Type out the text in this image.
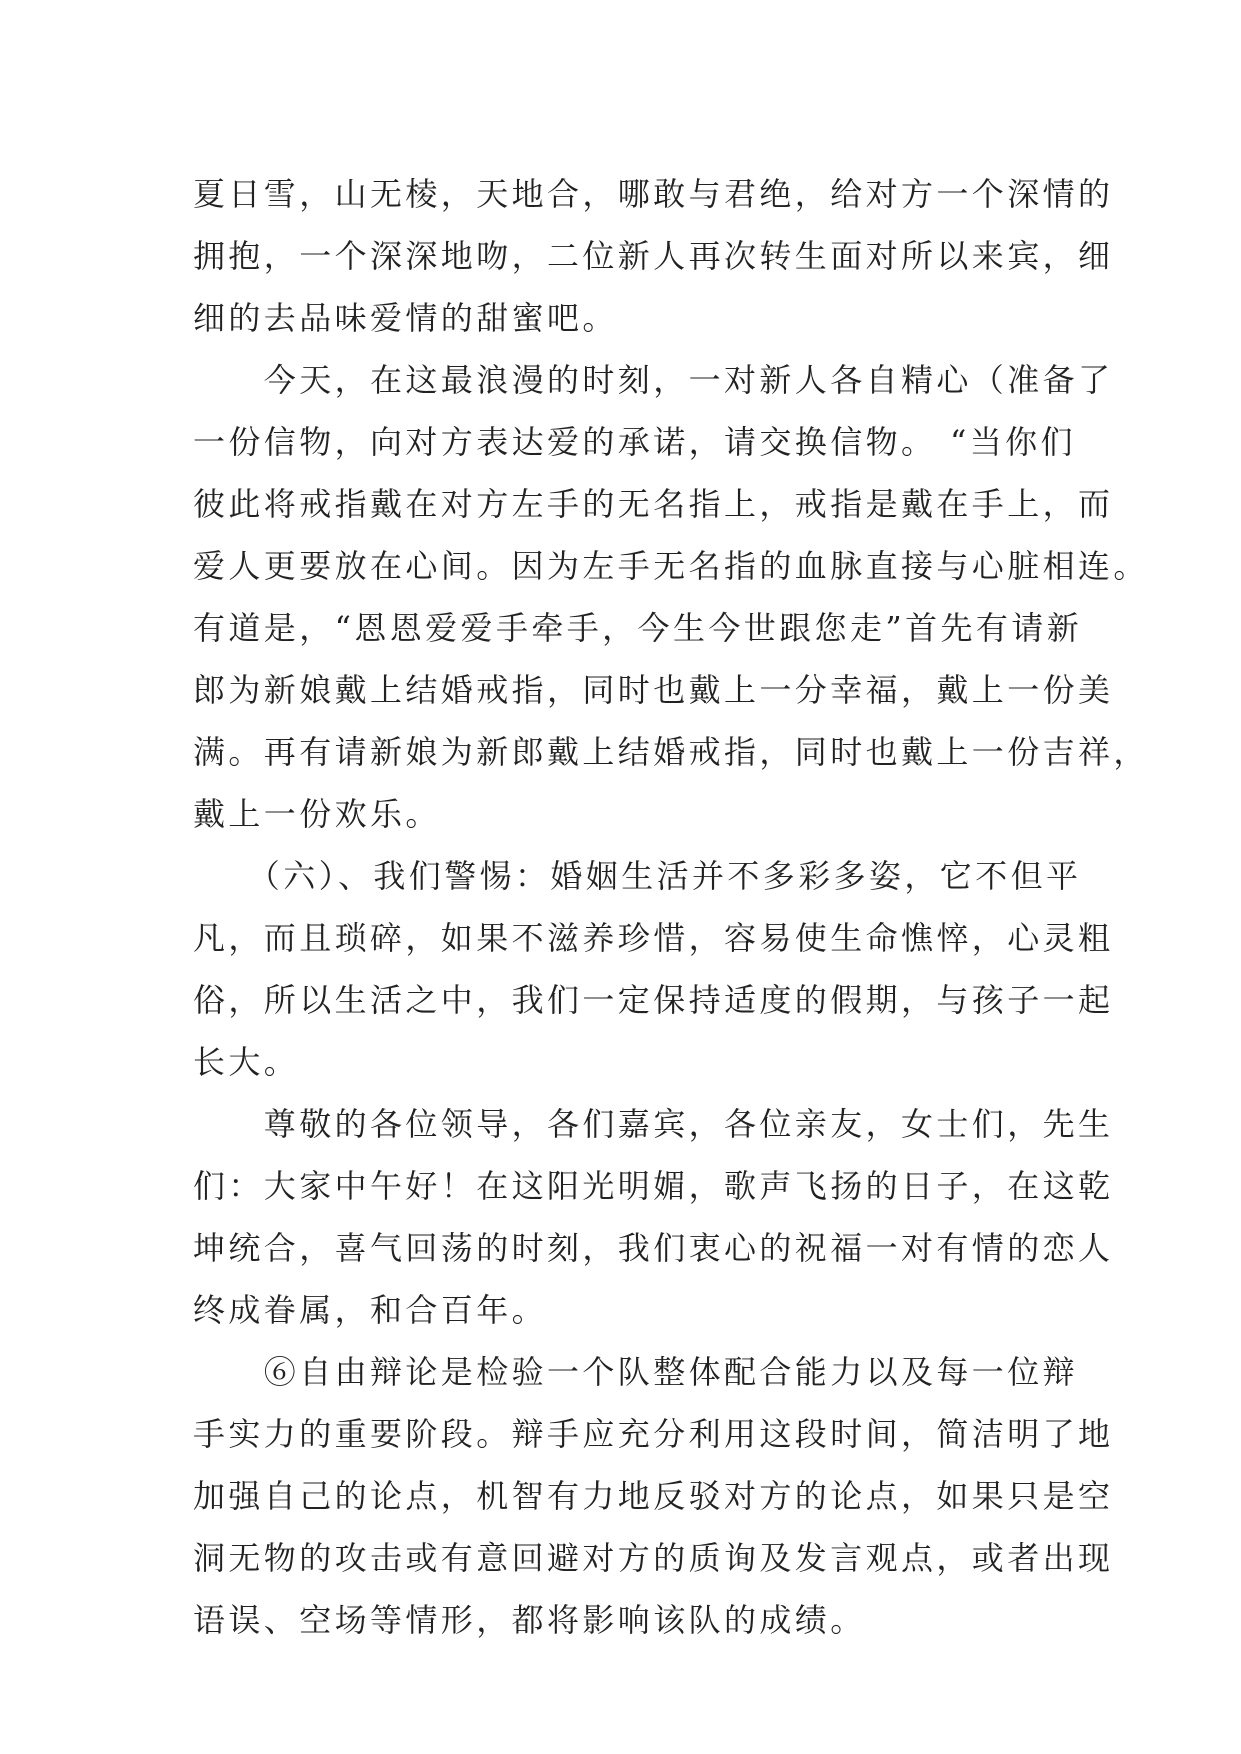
夏日雪，山无棱，天地合，哪敢与君绝，给对方一个深情的
拥抱，一个深深地吻，二位新人再次转生面对所以来宾，细
细的去品味爱情的甜蜜吧。
　　今天，在这最浪漫的时刻，一对新人各自精心（准备了
一份信物，向对方表达爱的承诺，请交换信物。 “当你们
彼此将戒指戴在对方左手的无名指上，戒指是戴在手上，而
爱人更要放在心间。因为左手无名指的血脉直接与心脏相连。
有道是，“恩恩爱爱手牵手，今生今世跟您走”首先有请新
郎为新娘戴上结婚戒指，同时也戴上一分幸福，戴上一份美
满。再有请新娘为新郎戴上结婚戒指，同时也戴上一份吉祥，
戴上一份欢乐。
　　（六）、我们警惕：婚姻生活并不多彩多姿，它不但平
凡，而且琐碎，如果不滋养珍惜，容易使生命憔悴，心灵粗
俗，所以生活之中，我们一定保持适度的假期，与孩子一起
长大。
　　尊敬的各位领导，各们嘉宾，各位亲友，女士们，先生
们：大家中午好！在这阳光明媚，歌声飞扬的日子，在这乾
坤统合，喜气回荡的时刻，我们衷心的祝福一对有情的恋人
终成眷属，和合百年。
　　⑥自由辩论是检验一个队整体配合能力以及每一位辩
手实力的重要阶段。辩手应充分利用这段时间，简洁明了地
加强自己的论点，机智有力地反驳对方的论点，如果只是空
洞无物的攻击或有意回避对方的质询及发言观点，或者出现
语误、空场等情形，都将影响该队的成绩。
